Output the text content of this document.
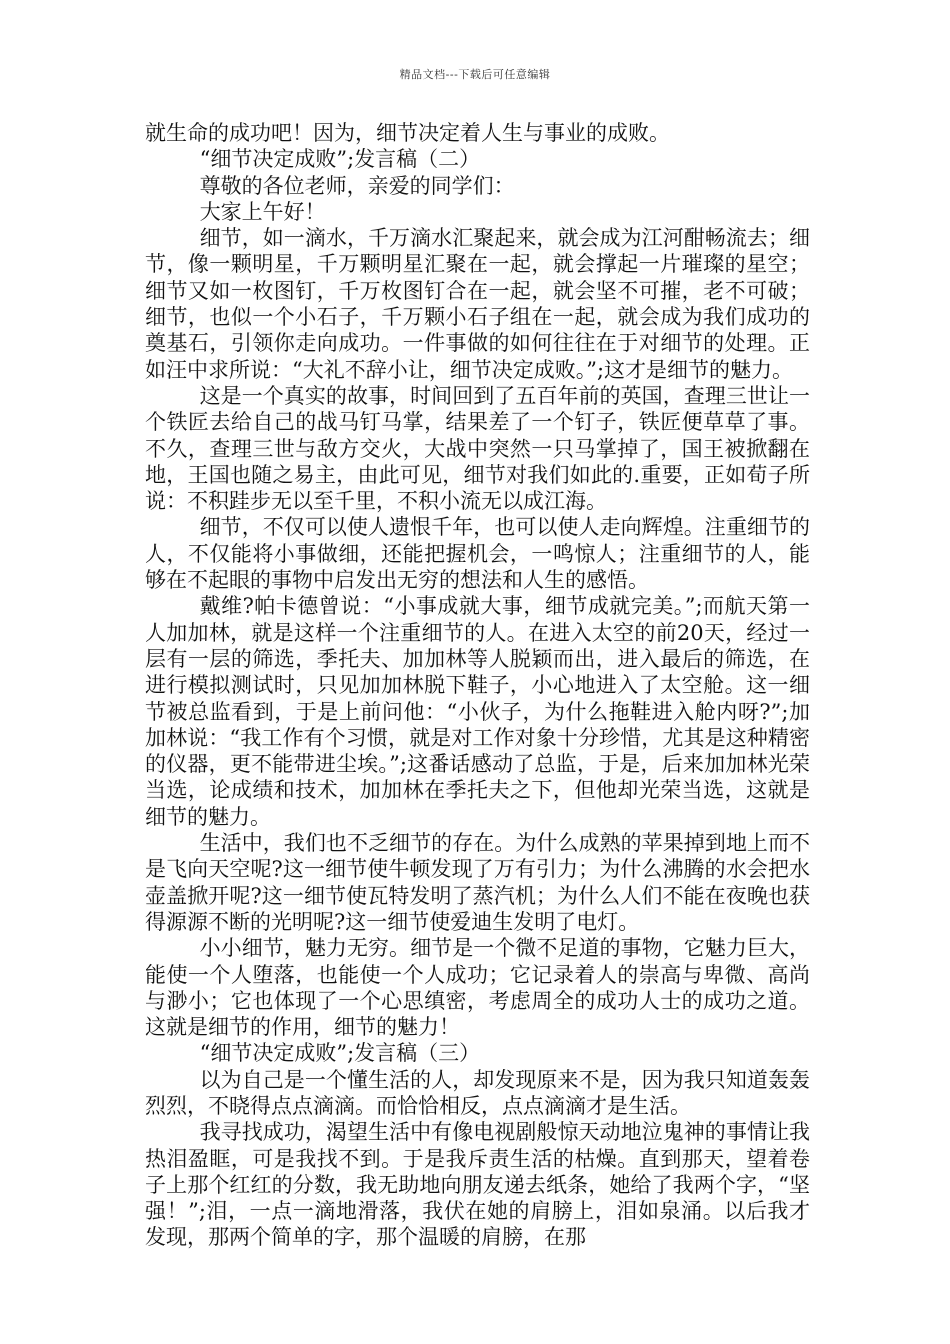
精品文档---下载后可任意编辑

就生命的成功吧！因为，细节决定着人生与事业的成败。

“细节决定成败”;发言稿（二）

尊敬的各位老师，亲爱的同学们：

大家上午好！

细节，如一滴水，千万滴水汇聚起来，就会成为江河酣畅流去；细节，像一颗明星，千万颗明星汇聚在一起，就会撑起一片璀璨的星空；细节又如一枚图钉，千万枚图钉合在一起，就会坚不可摧，老不可破；细节，也似一个小石子，千万颗小石子组在一起，就会成为我们成功的奠基石，引领你走向成功。一件事做的如何往往在于对细节的处理。正如汪中求所说：“大礼不辞小让，细节决定成败。”;这才是细节的魅力。

这是一个真实的故事，时间回到了五百年前的英国，查理三世让一个铁匠去给自己的战马钉马掌，结果差了一个钉子，铁匠便草草了事。不久，查理三世与敌方交火，大战中突然一只马掌掉了，国王被掀翻在地，王国也随之易主，由此可见，细节对我们如此的.重要，正如荀子所说：不积跬步无以至千里，不积小流无以成江海。

细节，不仅可以使人遗恨千年，也可以使人走向辉煌。注重细节的人，不仅能将小事做细，还能把握机会，一鸣惊人；注重细节的人，能够在不起眼的事物中启发出无穷的想法和人生的感悟。

戴维?帕卡德曾说：“小事成就大事，细节成就完美。”;而航天第一人加加林，就是这样一个注重细节的人。在进入太空的前20天，经过一层有一层的筛选，季托夫、加加林等人脱颖而出，进入最后的筛选，在进行模拟测试时，只见加加林脱下鞋子，小心地进入了太空舱。这一细节被总监看到，于是上前问他：“小伙子，为什么拖鞋进入舱内呀?”;加加林说：“我工作有个习惯，就是对工作对象十分珍惜，尤其是这种精密的仪器，更不能带进尘埃。”;这番话感动了总监，于是，后来加加林光荣当选，论成绩和技术，加加林在季托夫之下，但他却光荣当选，这就是细节的魅力。

生活中，我们也不乏细节的存在。为什么成熟的苹果掉到地上而不是飞向天空呢?这一细节使牛顿发现了万有引力；为什么沸腾的水会把水壶盖掀开呢?这一细节使瓦特发明了蒸汽机；为什么人们不能在夜晚也获得源源不断的光明呢?这一细节使爱迪生发明了电灯。

小小细节，魅力无穷。细节是一个微不足道的事物，它魅力巨大，能使一个人堕落，也能使一个人成功；它记录着人的崇高与卑微、高尚与渺小；它也体现了一个心思缜密，考虑周全的成功人士的成功之道。这就是细节的作用，细节的魅力！

“细节决定成败”;发言稿（三）

以为自己是一个懂生活的人，却发现原来不是，因为我只知道轰轰烈烈，不晓得点点滴滴。而恰恰相反，点点滴滴才是生活。

我寻找成功，渴望生活中有像电视剧般惊天动地泣鬼神的事情让我热泪盈眶，可是我找不到。于是我斥责生活的枯燥。直到那天，望着卷子上那个红红的分数，我无助地向朋友递去纸条，她给了我两个字，“坚强！”;泪，一点一滴地滑落，我伏在她的肩膀上，泪如泉涌。以后我才发现，那两个简单的字，那个温暖的肩膀，在那
